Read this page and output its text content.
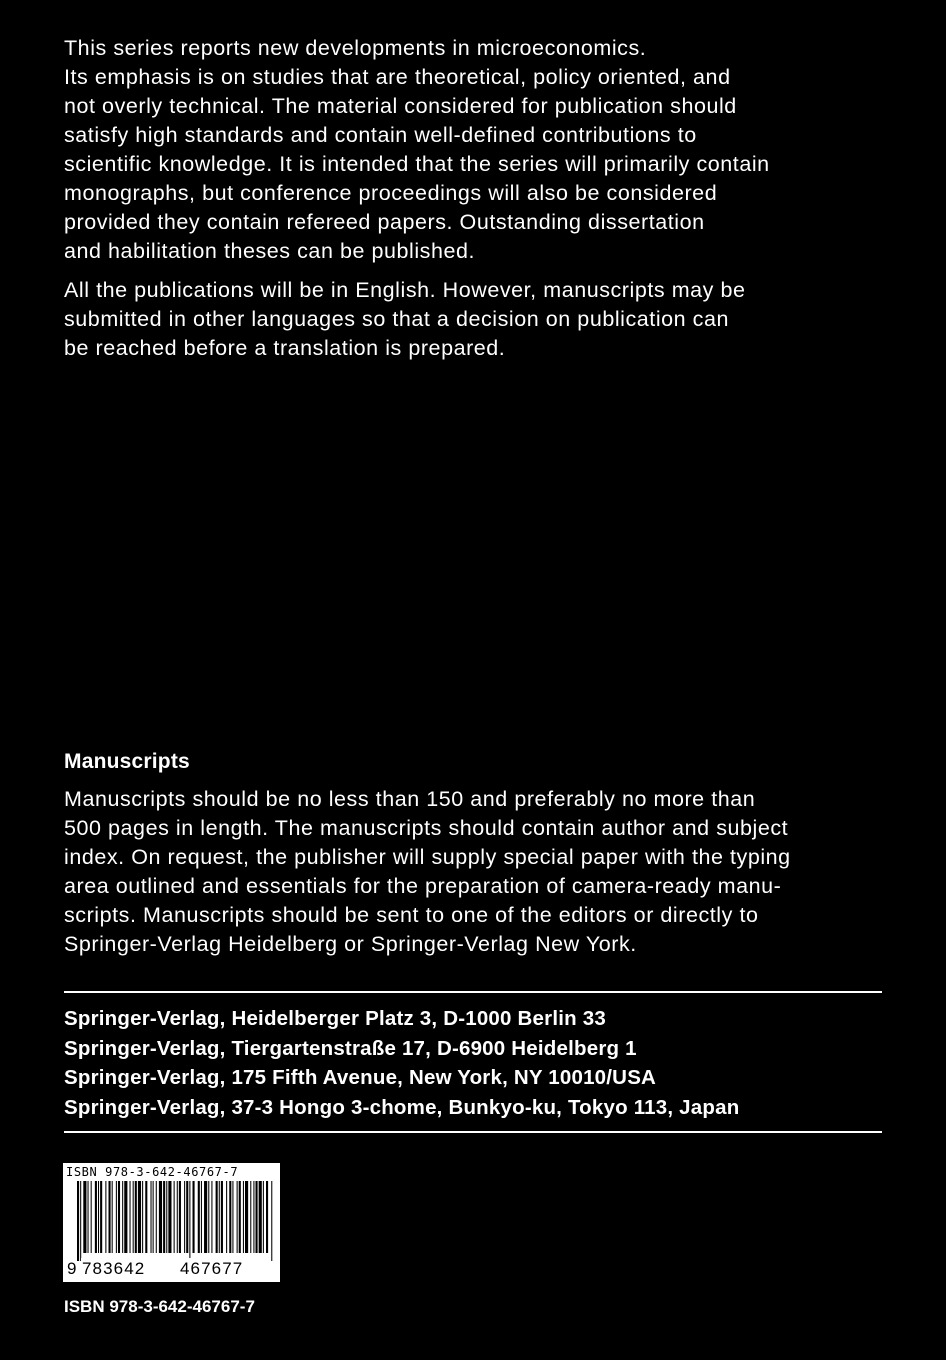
This series reports new developments in microeconomics.
Its emphasis is on studies that are theoretical, policy oriented, and
not overly technical. The material considered for publication should
satisfy high standards and contain well-defined contributions to
scientific knowledge. It is intended that the series will primarily contain
monographs, but conference proceedings will also be considered
provided they contain refereed papers. Outstanding dissertation
and habilitation theses can be published.
All the publications will be in English. However, manuscripts may be
submitted in other languages so that a decision on publication can
be reached before a translation is prepared.
Manuscripts
Manuscripts should be no less than 150 and preferably no more than
500 pages in length. The manuscripts should contain author and subject
index. On request, the publisher will supply special paper with the typing
area outlined and essentials for the preparation of camera-ready manu-
scripts. Manuscripts should be sent to one of the editors or directly to
Springer-Verlag Heidelberg or Springer-Verlag New York.
Springer-Verlag, Heidelberger Platz 3, D-1000 Berlin 33
Springer-Verlag, Tiergartenstraße 17, D-6900 Heidelberg 1
Springer-Verlag, 175 Fifth Avenue, New York, NY 10010/USA
Springer-Verlag, 37-3 Hongo 3-chome, Bunkyo-ku, Tokyo 113, Japan
ISBN 978-3-642-46767-7
9 783642 467677
ISBN 978-3-642-46767-7
